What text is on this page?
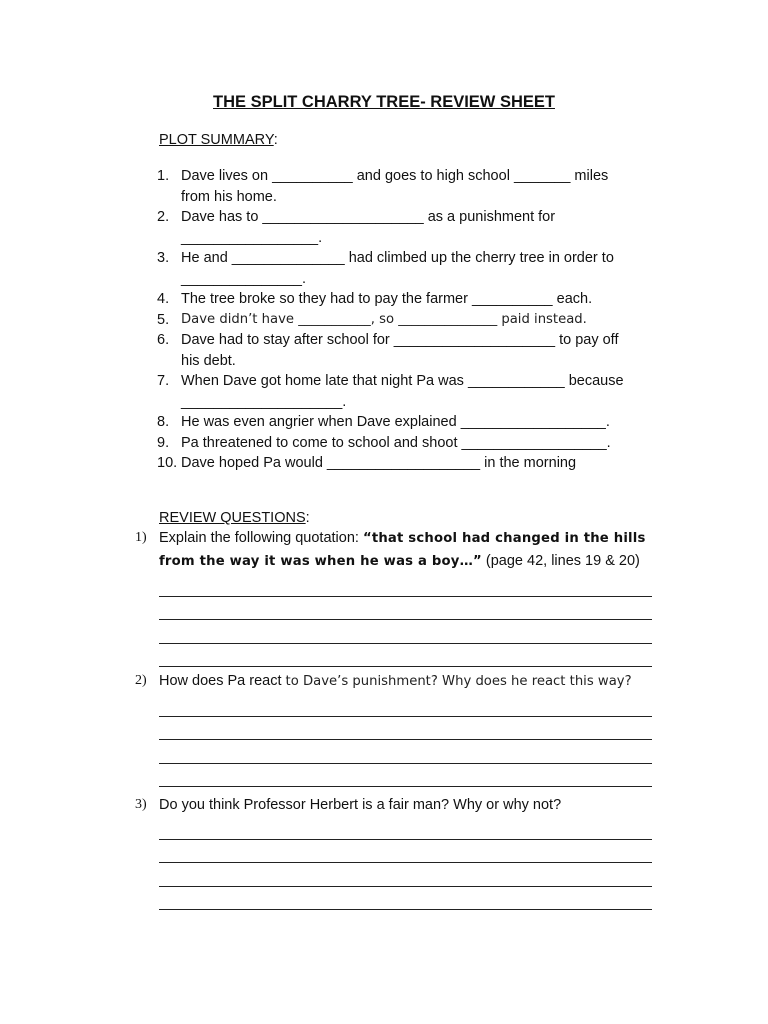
THE SPLIT CHARRY TREE- REVIEW SHEET
PLOT SUMMARY:
1. Dave lives on __________ and goes to high school _______ miles
from his home.
2. Dave has to ____________________ as a punishment for
_________________.
3. He and ______________ had climbed up the cherry tree in order to
_______________.
4. The tree broke so they had to pay the farmer __________ each.
5. Dave didn’t have ___________, so _______________ paid instead.
6. Dave had to stay after school for ____________________ to pay off
his debt.
7. When Dave got home late that night Pa was ____________ because
____________________.
8. He was even angrier when Dave explained __________________.
9. Pa threatened to come to school and shoot __________________.
10. Dave hoped Pa would ___________________ in the morning
REVIEW QUESTIONS:
1) Explain the following quotation: “that school had changed in the hills from the way it was when he was a boy…” (page 42, lines 19 & 20)
2) How does Pa react to Dave’s punishment? Why does he react this way?
3) Do you think Professor Herbert is a fair man? Why or why not?
